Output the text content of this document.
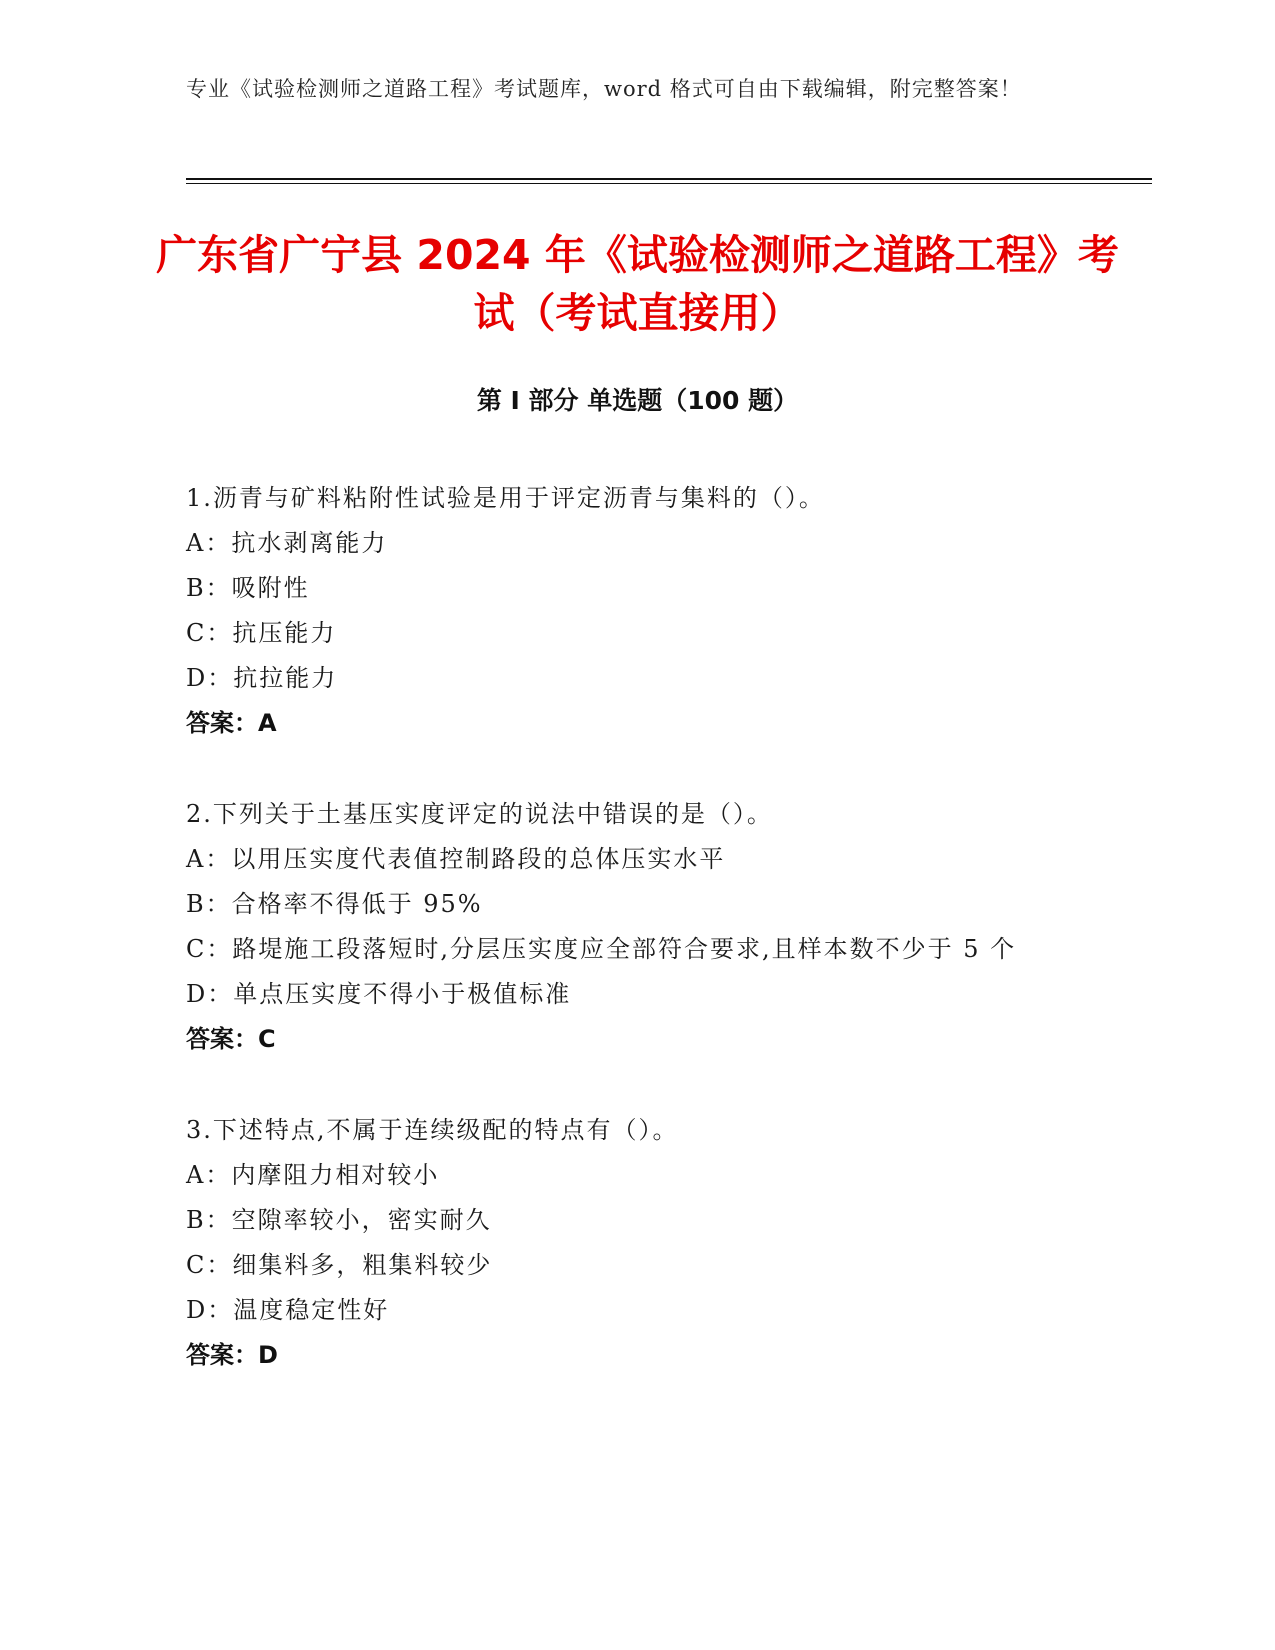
专业《试验检测师之道路工程》考试题库，word 格式可自由下载编辑，附完整答案！
广东省广宁县 2024 年《试验检测师之道路工程》考试（考试直接用）
第 I 部分 单选题（100 题）

1.沥青与矿料粘附性试验是用于评定沥青与集料的（）。

A：抗水剥离能力

B：吸附性

C：抗压能力

D：抗拉能力

答案：A

2.下列关于土基压实度评定的说法中错误的是（）。

A：以用压实度代表值控制路段的总体压实水平

B：合格率不得低于 95%

C：路堤施工段落短时,分层压实度应全部符合要求,且样本数不少于 5 个

D：单点压实度不得小于极值标准

答案：C

3.下述特点,不属于连续级配的特点有（）。

A：内摩阻力相对较小

B：空隙率较小，密实耐久

C：细集料多，粗集料较少

D：温度稳定性好

答案：D
